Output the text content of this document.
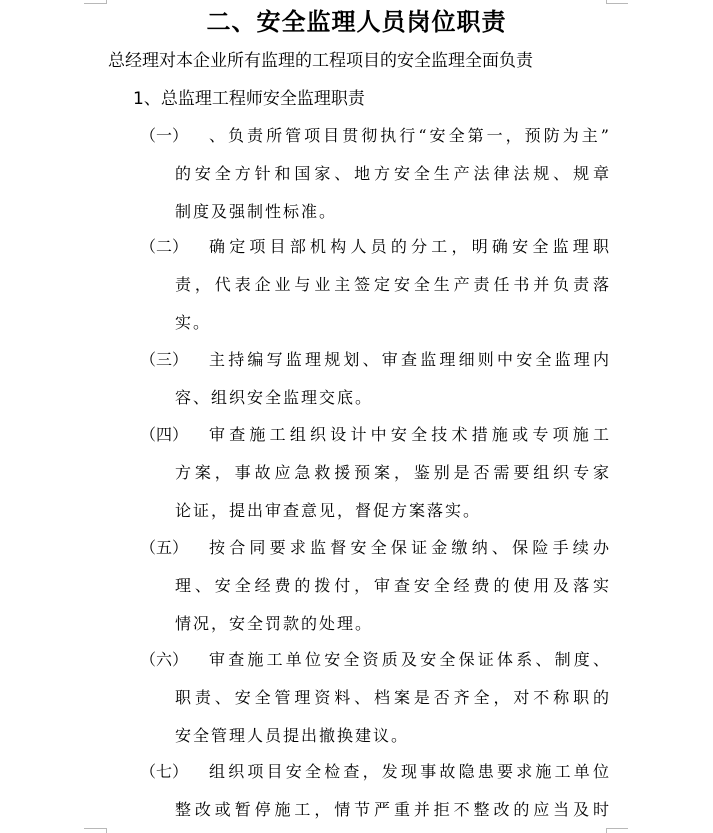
二、安全监理人员岗位职责
总经理对本企业所有监理的工程项目的安全监理全面负责
1、总监理工程师安全监理职责
（一） 、负责所管项目贯彻执行“安全第一，预防为主”
的安全方针和国家、地方安全生产法律法规、规章
制度及强制性标准。
（二） 确定项目部机构人员的分工，明确安全监理职
责，代表企业与业主签定安全生产责任书并负责落
实。
（三） 主持编写监理规划、审查监理细则中安全监理内
容、组织安全监理交底。
（四） 审查施工组织设计中安全技术措施或专项施工
方案，事故应急救援预案，鉴别是否需要组织专家
论证，提出审查意见，督促方案落实。
（五） 按合同要求监督安全保证金缴纳、保险手续办
理、安全经费的拨付，审查安全经费的使用及落实
情况，安全罚款的处理。
（六） 审查施工单位安全资质及安全保证体系、制度、
职责、安全管理资料、档案是否齐全，对不称职的
安全管理人员提出撤换建议。
（七） 组织项目安全检查，发现事故隐患要求施工单位
整改或暂停施工，情节严重并拒不整改的应当及时
